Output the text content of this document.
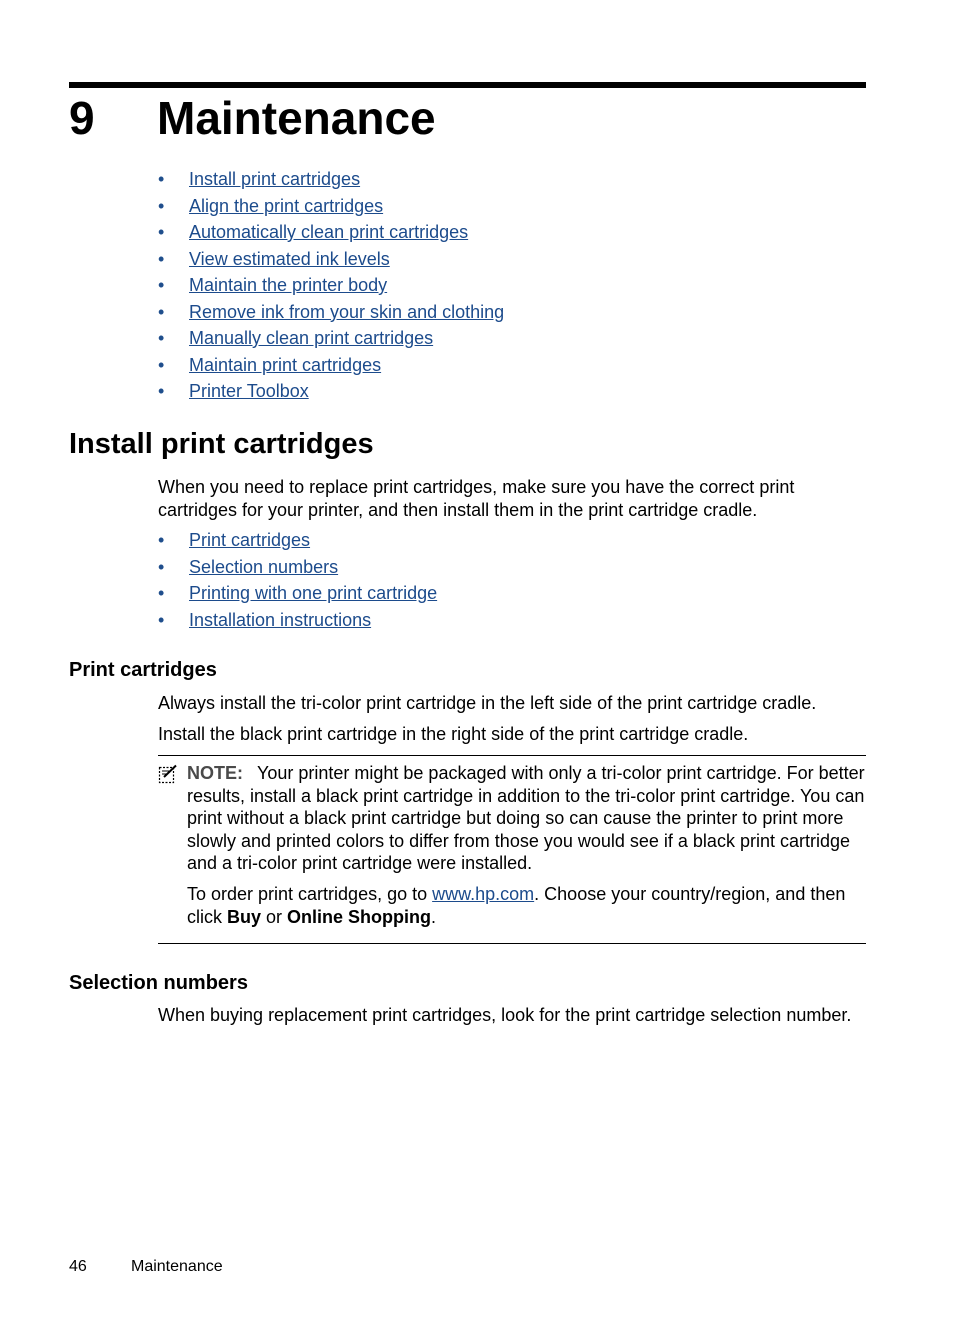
9 Maintenance
• Install print cartridges
• Align the print cartridges
• Automatically clean print cartridges
• View estimated ink levels
• Maintain the printer body
• Remove ink from your skin and clothing
• Manually clean print cartridges
• Maintain print cartridges
• Printer Toolbox
Install print cartridges
When you need to replace print cartridges, make sure you have the correct print cartridges for your printer, and then install them in the print cartridge cradle.
• Print cartridges
• Selection numbers
• Printing with one print cartridge
• Installation instructions
Print cartridges
Always install the tri-color print cartridge in the left side of the print cartridge cradle.
Install the black print cartridge in the right side of the print cartridge cradle.
NOTE: Your printer might be packaged with only a tri-color print cartridge. For better results, install a black print cartridge in addition to the tri-color print cartridge. You can print without a black print cartridge but doing so can cause the printer to print more slowly and printed colors to differ from those you would see if a black print cartridge and a tri-color print cartridge were installed.
To order print cartridges, go to www.hp.com. Choose your country/region, and then click Buy or Online Shopping.
Selection numbers
When buying replacement print cartridges, look for the print cartridge selection number.
46	Maintenance
